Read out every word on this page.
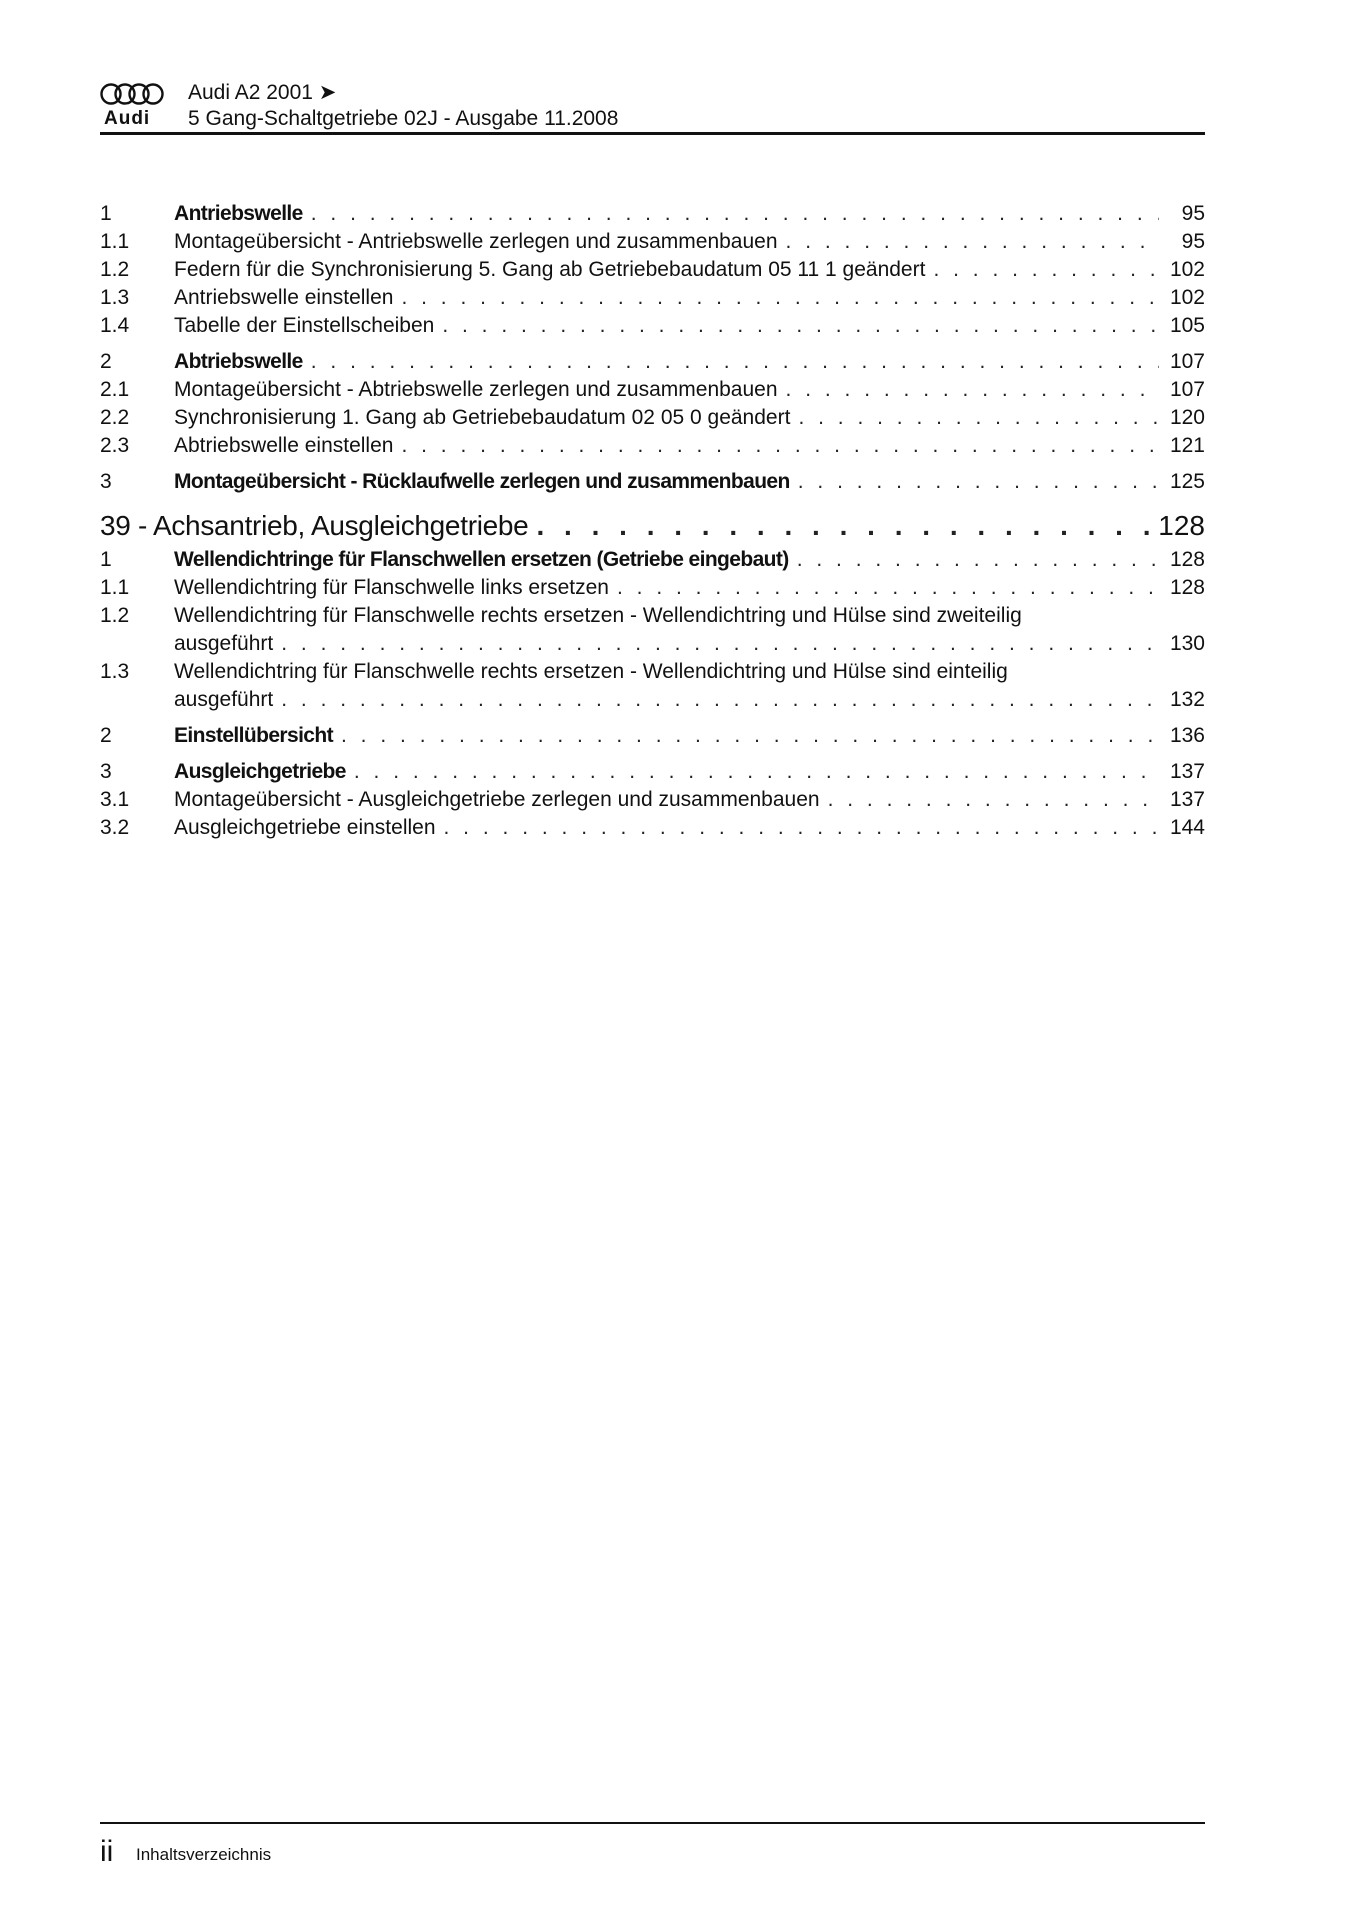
Audi
Audi A2 2001 ➤
5 Gang-Schaltgetriebe 02J - Ausgabe 11.2008
1	Antriebswelle . . .	95
1.1	Montageübersicht - Antriebswelle zerlegen und zusammenbauen . . .	95
1.2	Federn für die Synchronisierung 5. Gang ab Getriebebaudatum 05 11 1 geändert . . .	102
1.3	Antriebswelle einstellen . . .	102
1.4	Tabelle der Einstellscheiben . . .	105
2	Abtriebswelle . . .	107
2.1	Montageübersicht - Abtriebswelle zerlegen und zusammenbauen . . .	107
2.2	Synchronisierung 1. Gang ab Getriebebaudatum 02 05 0 geändert . . .	120
2.3	Abtriebswelle einstellen . . .	121
3	Montageübersicht - Rücklaufwelle zerlegen und zusammenbauen . . .	125
39 - Achsantrieb, Ausgleichgetriebe . . .	128
1	Wellendichtringe für Flanschwellen ersetzen (Getriebe eingebaut) . . .	128
1.1	Wellendichtring für Flanschwelle links ersetzen . . .	128
1.2	Wellendichtring für Flanschwelle rechts ersetzen - Wellendichtring und Hülse sind zweiteilig
ausgeführt . . .	130
1.3	Wellendichtring für Flanschwelle rechts ersetzen - Wellendichtring und Hülse sind einteilig
ausgeführt . . .	132
2	Einstellübersicht . . .	136
3	Ausgleichgetriebe . . .	137
3.1	Montageübersicht - Ausgleichgetriebe zerlegen und zusammenbauen . . .	137
3.2	Ausgleichgetriebe einstellen . . .	144
ii Inhaltsverzeichnis
